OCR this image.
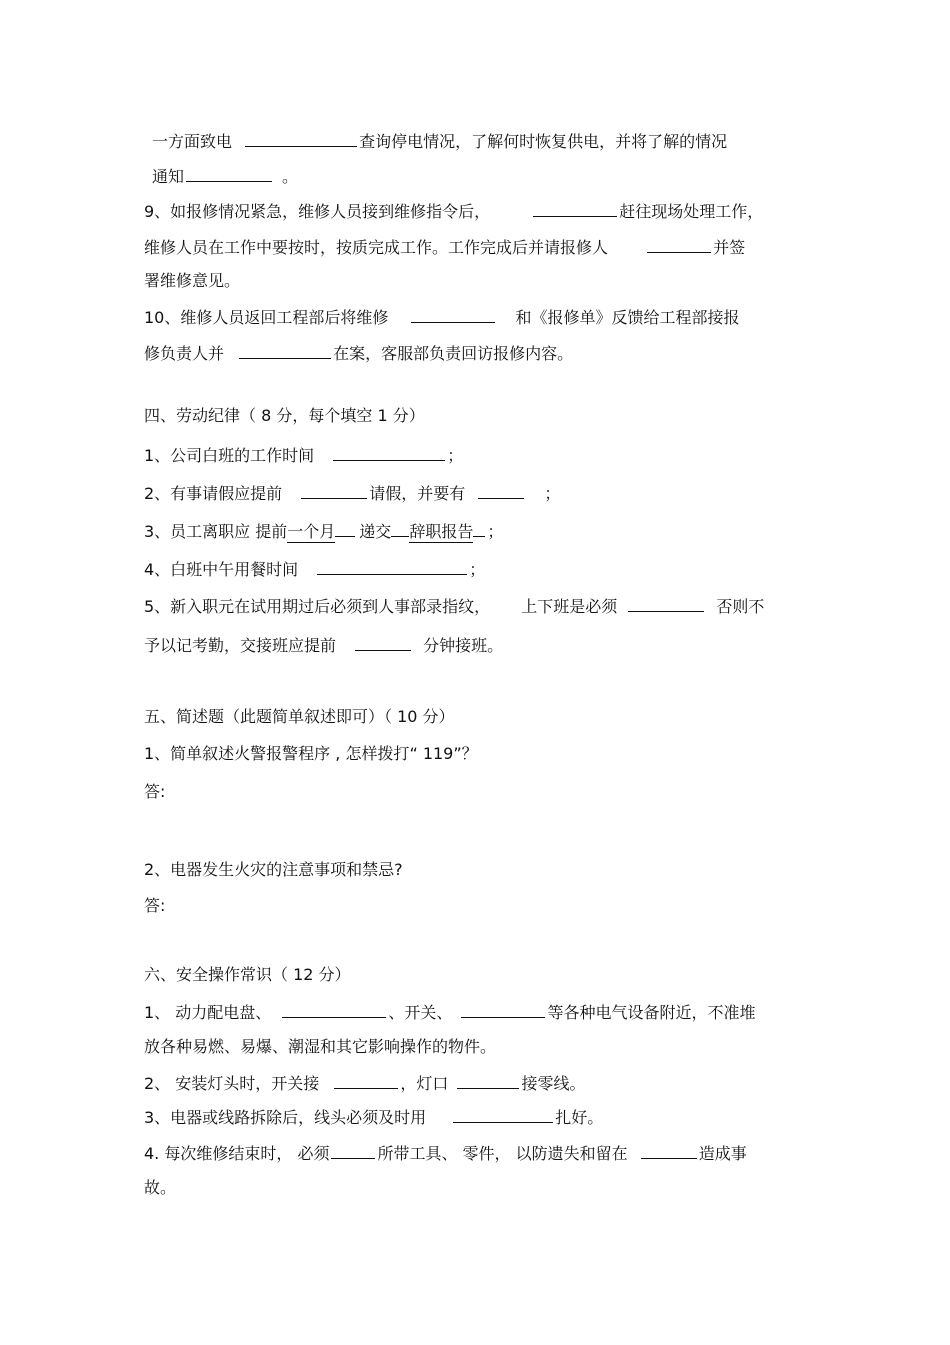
一方面致电	查询停电情况，了解何时恢复供电，并将了解的情况
通知	。
9、如报修情况紧急，维修人员接到维修指令后，	赶往现场处理工作，
维修人员在工作中要按时，按质完成工作。工作完成后并请报修人	并签
署维修意见。
10、维修人员返回工程部后将维修	和《报修单》反馈给工程部接报
修负责人并	在案，客服部负责回访报修内容。
四、劳动纪律（ 8 分，每个填空 1 分）
1、公司白班的工作时间	；
2、有事请假应提前	请假，并要有	；
3、员工离职应 提前一个月 递交 辞职报告 ；
4、白班中午用餐时间	；
5、新入职元在试用期过后必须到人事部录指纹， 上下班是必须	否则不
予以记考勤，交接班应提前	分钟接班。
五、简述题（此题简单叙述即可）（ 10 分）
1、简单叙述火警报警程序 , 怎样拨打“ 119”？
答:
2、电器发生火灾的注意事项和禁忌?
答:
六、安全操作常识（ 12 分）
1、 动力配电盘、	、开关、	等各种电气设备附近，不准堆
放各种易燃、易爆、潮湿和其它影响操作的物件。
2、 安装灯头时，开关接	，灯口	接零线。
3、电器或线路拆除后，线头必须及时用	扎好。
4. 每次维修结束时， 必须	所带工具、 零件， 以防遗失和留在	造成事
故。
